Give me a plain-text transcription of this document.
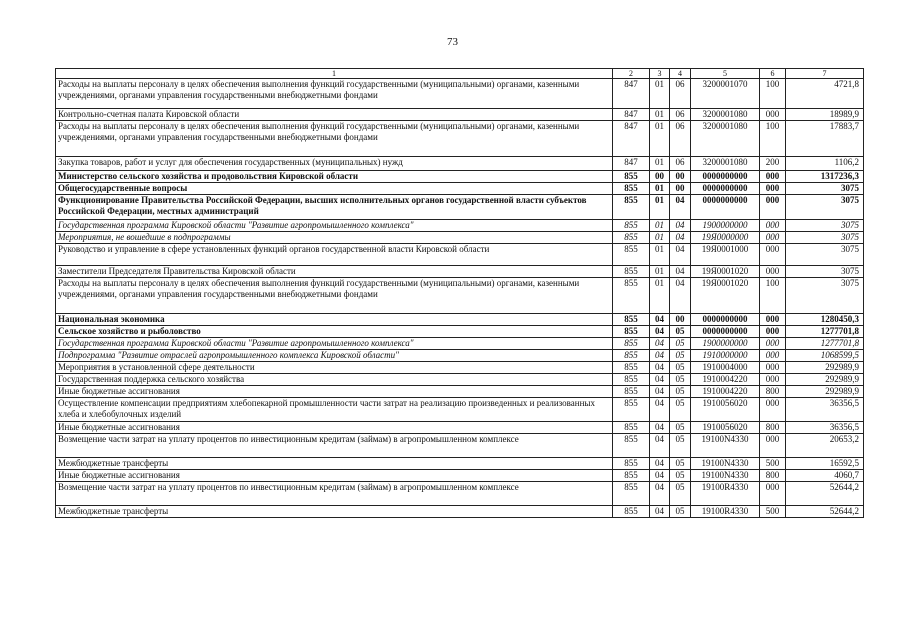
73
1	2	3	4	5	6	7
Расходы на выплаты персоналу в целях обеспечения выполнения функций государственными (муниципальными) органами, казенными учреждениями, органами управления государственными внебюджетными фондами	847	01	06	3200001070	100	4721,8
Контрольно-счетная палата Кировской области	847	01	06	3200001080	000	18989,9
Расходы на выплаты персоналу в целях обеспечения выполнения функций государственными (муниципальными) органами, казенными учреждениями, органами управления государственными внебюджетными фондами	847	01	06	3200001080	100	17883,7
Закупка товаров, работ и услуг для обеспечения государственных (муниципальных) нужд	847	01	06	3200001080	200	1106,2
Министерство сельского хозяйства и продовольствия Кировской области	855	00	00	0000000000	000	1317236,3
Общегосударственные вопросы	855	01	00	0000000000	000	3075
Функционирование Правительства Российской Федерации, высших исполнительных органов государственной власти субъектов Российской Федерации, местных администраций	855	01	04	0000000000	000	3075
Государственная программа Кировской области "Развитие агропромышленного комплекса"	855	01	04	1900000000	000	3075
Мероприятия, не вошедшие в подпрограммы	855	01	04	19Я0000000	000	3075
Руководство и управление в сфере установленных функций органов государственной власти Кировской области	855	01	04	19Я0001000	000	3075
Заместители Председателя Правительства Кировской области	855	01	04	19Я0001020	000	3075
Расходы на выплаты персоналу в целях обеспечения выполнения функций государственными (муниципальными) органами, казенными учреждениями, органами управления государственными внебюджетными фондами	855	01	04	19Я0001020	100	3075
Национальная экономика	855	04	00	0000000000	000	1280450,3
Сельское хозяйство и рыболовство	855	04	05	0000000000	000	1277701,8
Государственная программа Кировской области "Развитие агропромышленного комплекса"	855	04	05	1900000000	000	1277701,8
Подпрограмма "Развитие отраслей агропромышленного комплекса Кировской области"	855	04	05	1910000000	000	1068599,5
Мероприятия в установленной сфере деятельности	855	04	05	1910004000	000	292989,9
Государственная поддержка сельского хозяйства	855	04	05	1910004220	000	292989,9
Иные бюджетные ассигнования	855	04	05	1910004220	800	292989,9
Осуществление компенсации предприятиям хлебопекарной промышленности части затрат на реализацию произведенных и реализованных хлеба и хлебобулочных изделий	855	04	05	1910056020	000	36356,5
Иные бюджетные ассигнования	855	04	05	1910056020	800	36356,5
Возмещение части затрат на уплату процентов по инвестиционным кредитам (займам) в агропромышленном комплексе	855	04	05	19100N4330	000	20653,2
Межбюджетные трансферты	855	04	05	19100N4330	500	16592,5
Иные бюджетные ассигнования	855	04	05	19100N4330	800	4060,7
Возмещение части затрат на уплату процентов по инвестиционным кредитам (займам) в агропромышленном комплексе	855	04	05	19100R4330	000	52644,2
Межбюджетные трансферты	855	04	05	19100R4330	500	52644,2
